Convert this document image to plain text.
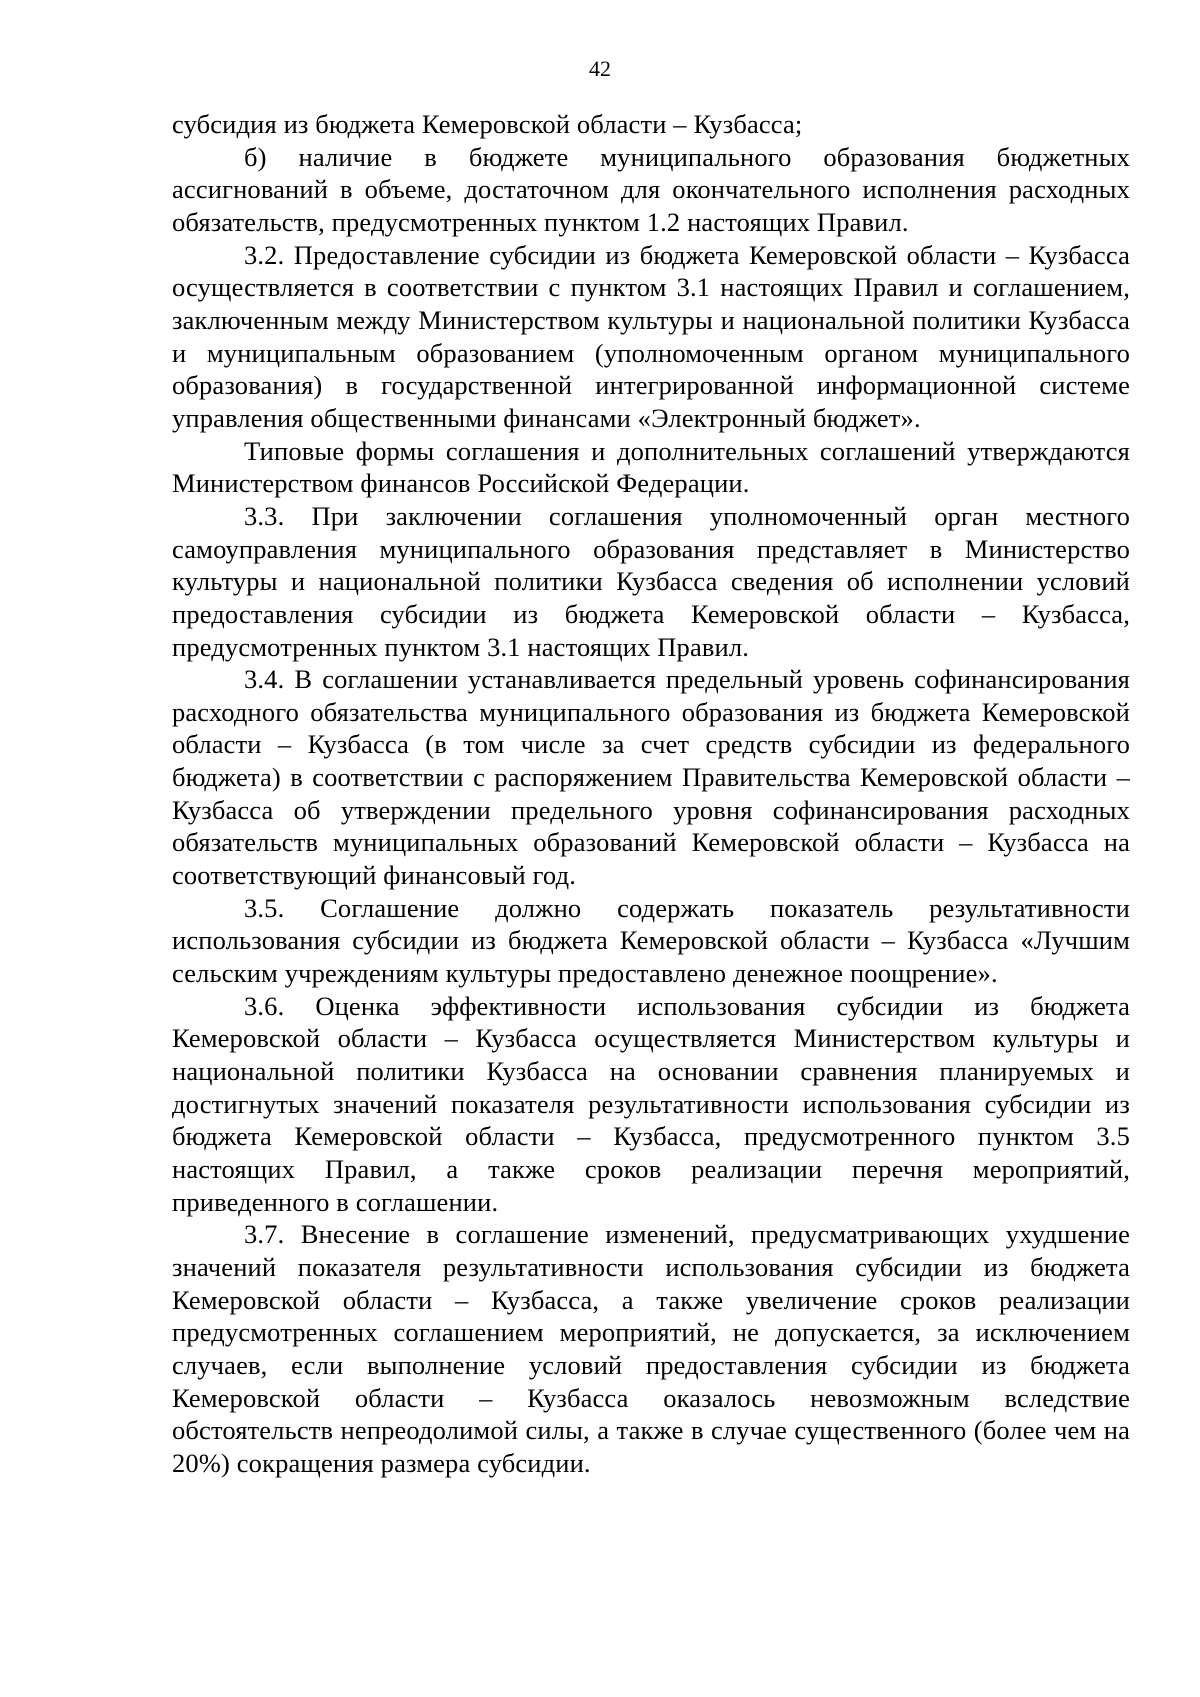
42

субсидия из бюджета Кемеровской области – Кузбасса;

б) наличие в бюджете муниципального образования бюджетных ассигнований в объеме, достаточном для окончательного исполнения расходных обязательств, предусмотренных пунктом 1.2 настоящих Правил.

3.2. Предоставление субсидии из бюджета Кемеровской области – Кузбасса осуществляется в соответствии с пунктом 3.1 настоящих Правил и соглашением, заключенным между Министерством культуры и национальной политики Кузбасса и муниципальным образованием (уполномоченным органом муниципального образования) в государственной интегрированной информационной системе управления общественными финансами «Электронный бюджет».

Типовые формы соглашения и дополнительных соглашений утверждаются Министерством финансов Российской Федерации.

3.3. При заключении соглашения уполномоченный орган местного самоуправления муниципального образования представляет в Министерство культуры и национальной политики Кузбасса сведения об исполнении условий предоставления субсидии из бюджета Кемеровской области – Кузбасса, предусмотренных пунктом 3.1 настоящих Правил.

3.4. В соглашении устанавливается предельный уровень софинансирования расходного обязательства муниципального образования из бюджета Кемеровской области – Кузбасса (в том числе за счет средств субсидии из федерального бюджета) в соответствии с распоряжением Правительства Кемеровской области – Кузбасса об утверждении предельного уровня софинансирования расходных обязательств муниципальных образований Кемеровской области – Кузбасса на соответствующий финансовый год.

3.5. Соглашение должно содержать показатель результативности использования субсидии из бюджета Кемеровской области – Кузбасса «Лучшим сельским учреждениям культуры предоставлено денежное поощрение».

3.6. Оценка эффективности использования субсидии из бюджета Кемеровской области – Кузбасса осуществляется Министерством культуры и национальной политики Кузбасса на основании сравнения планируемых и достигнутых значений показателя результативности использования субсидии из бюджета Кемеровской области – Кузбасса, предусмотренного пунктом 3.5 настоящих Правил, а также сроков реализации перечня мероприятий, приведенного в соглашении.

3.7. Внесение в соглашение изменений, предусматривающих ухудшение значений показателя результативности использования субсидии из бюджета Кемеровской области – Кузбасса, а также увеличение сроков реализации предусмотренных соглашением мероприятий, не допускается, за исключением случаев, если выполнение условий предоставления субсидии из бюджета Кемеровской области – Кузбасса оказалось невозможным вследствие обстоятельств непреодолимой силы, а также в случае существенного (более чем на 20%) сокращения размера субсидии.
